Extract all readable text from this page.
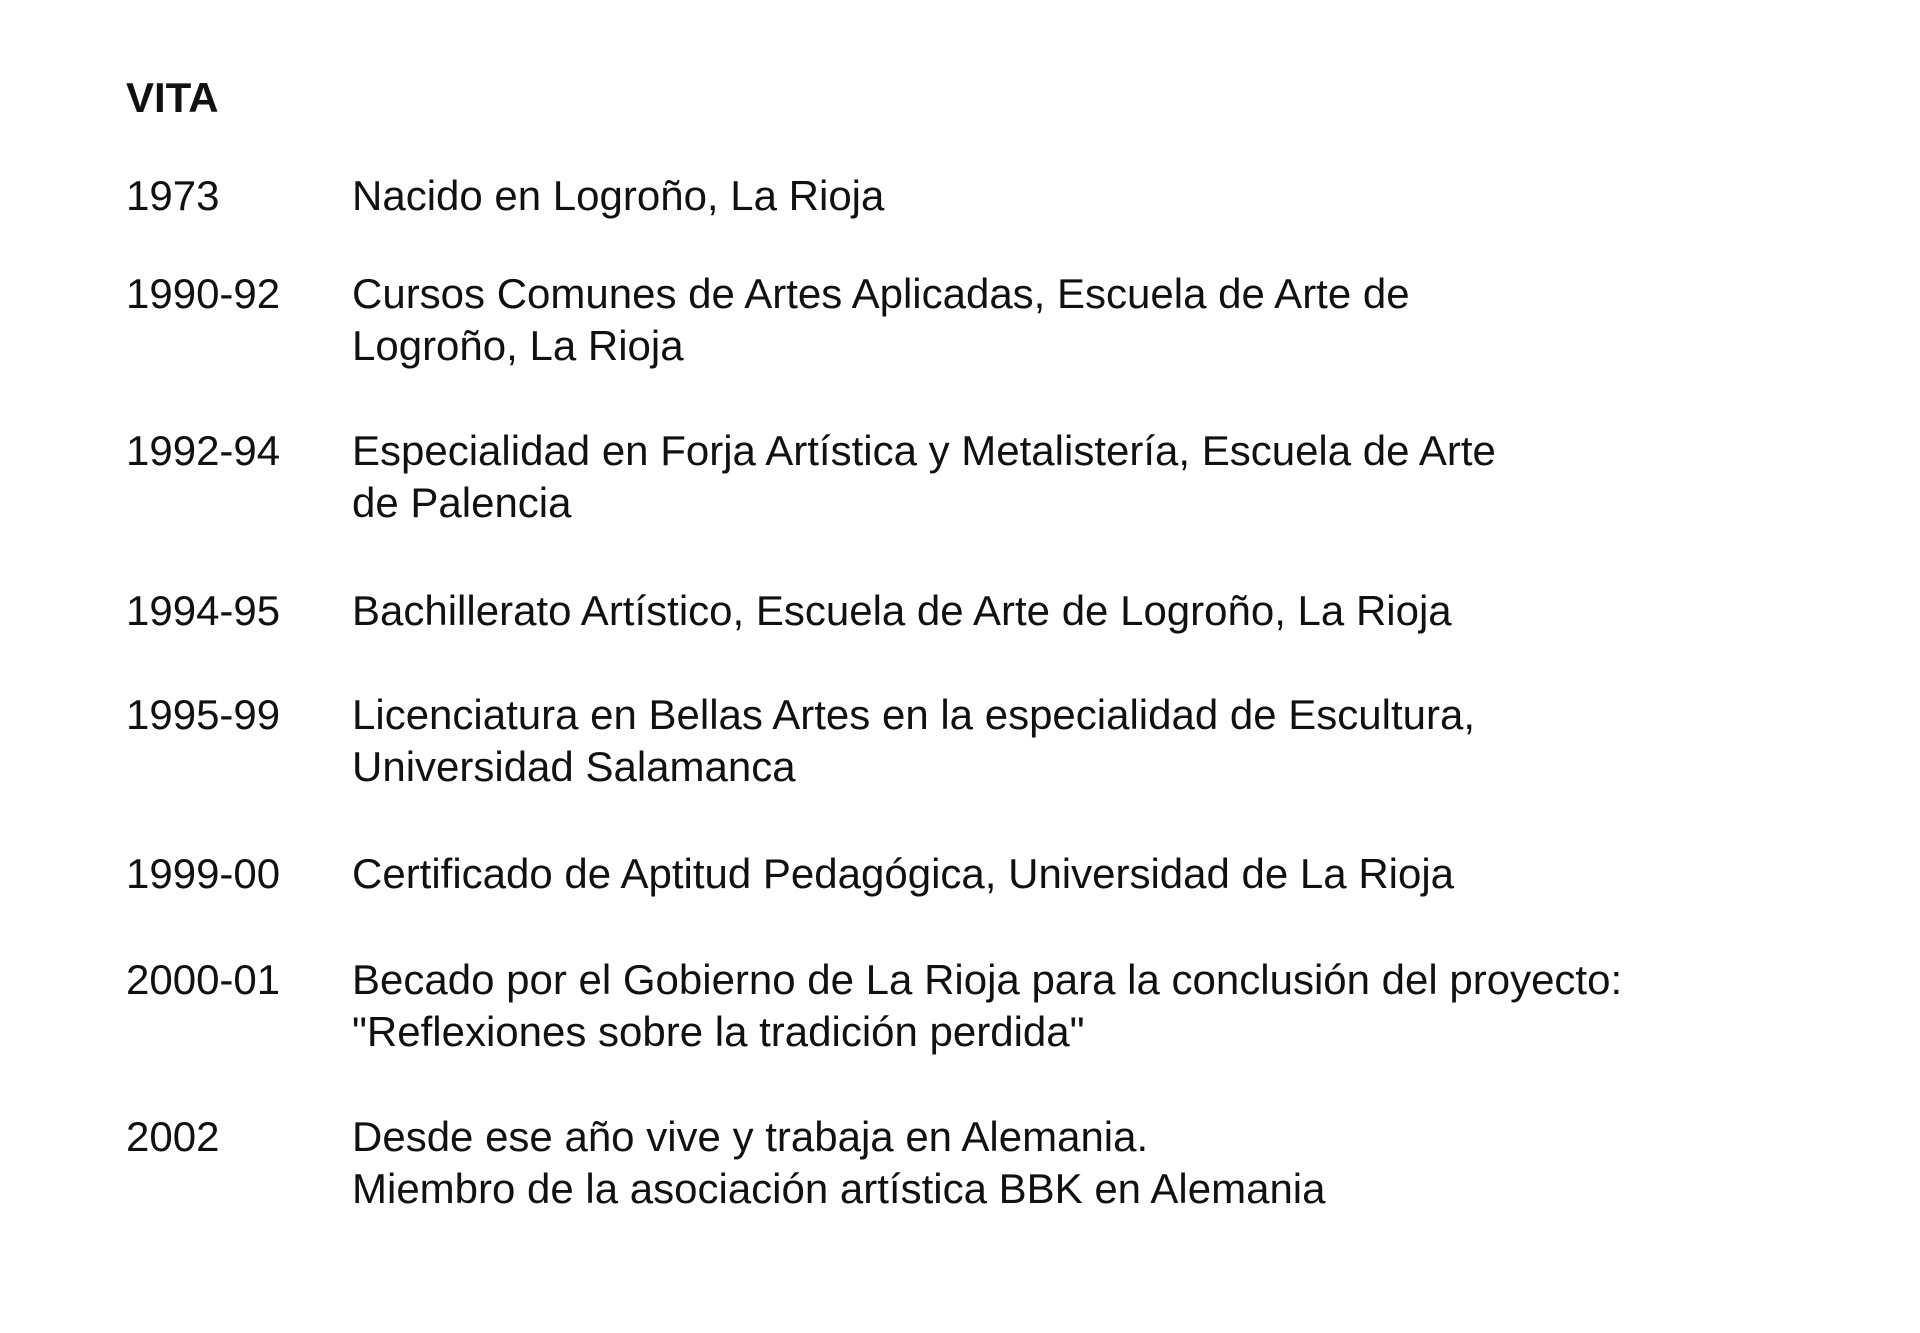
VITA
1973	Nacido en Logroño, La Rioja
1990-92 Cursos Comunes de Artes Aplicadas, Escuela de Arte de
Logroño, La Rioja
1992-94 Especialidad en Forja Artística y Metalistería, Escuela de Arte
de Palencia
1994-95 Bachillerato Artístico, Escuela de Arte de Logroño, La Rioja
1995-99 Licenciatura en Bellas Artes en la especialidad de Escultura,
Universidad Salamanca
1999-00 Certificado de Aptitud Pedagógica, Universidad de La Rioja
2000-01 Becado por el Gobierno de La Rioja para la conclusión del proyecto:
"Reflexiones sobre la tradición perdida"
2002	Desde ese año vive y trabaja en Alemania.
Miembro de la asociación artística BBK en Alemania
